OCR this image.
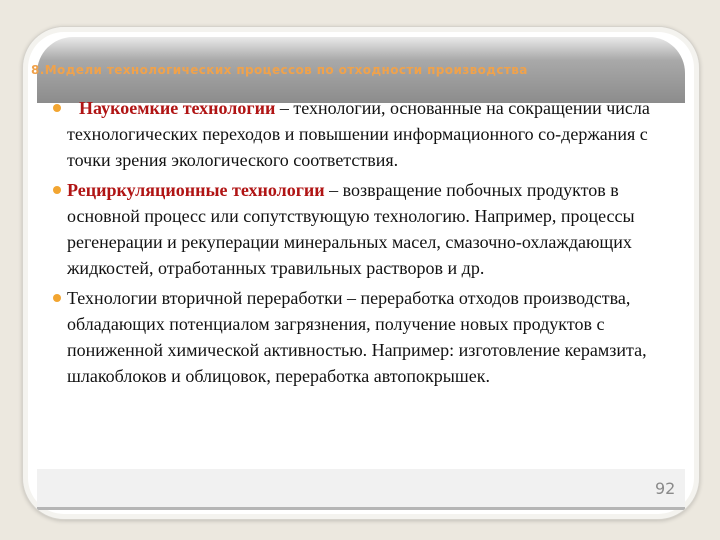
8.Модели технологических процессов по отходности производства
Наукоемкие технологии – технологии, основанные на сокращении числа технологических переходов и повышении информационного со-держания с точки зрения экологического соответствия.
Рециркуляционные технологии – возвращение побочных продуктов в основной процесс или сопутствующую технологию. Например, процессы регенерации и рекуперации минеральных масел, смазочно-охлаждающих жидкостей, отработанных травильных растворов и др.
Технологии вторичной переработки – переработка отходов производства, обладающих потенциалом загрязнения, получение новых продуктов с пониженной химической активностью. Например: изготовление керамзита, шлакоблоков и облицовок, переработка автопокрышек.
92
